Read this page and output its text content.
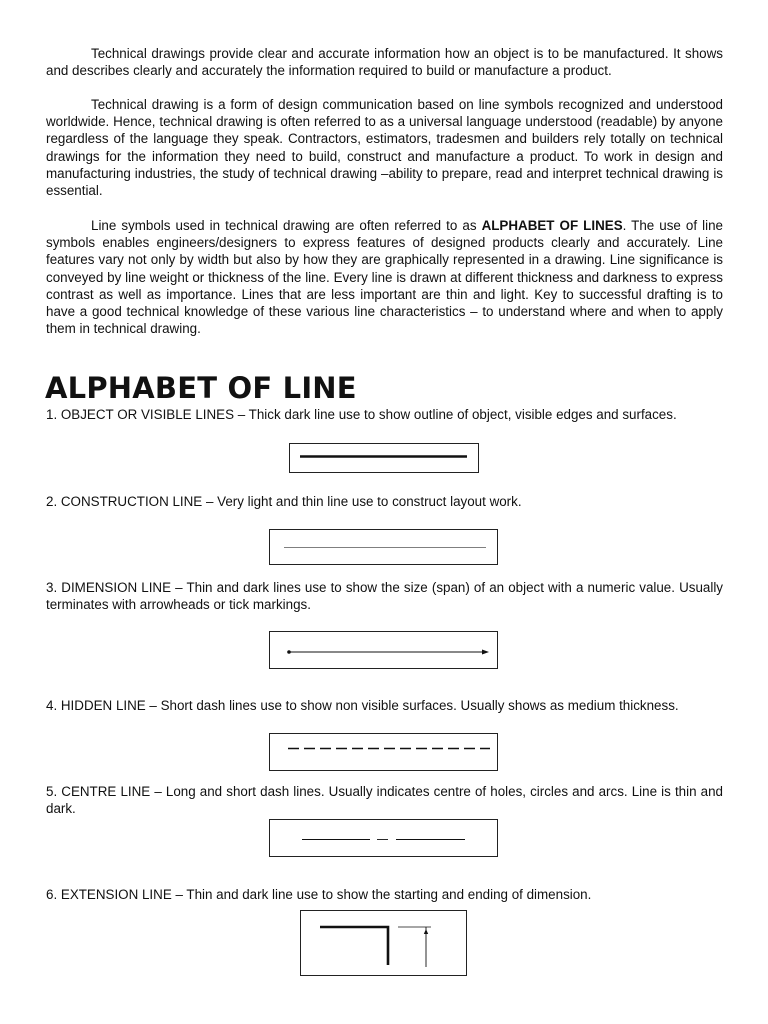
Technical drawings provide clear and accurate information how an object is to be manufactured. It shows and describes clearly and accurately the information required to build or manufacture a product.

Technical drawing is a form of design communication based on line symbols recognized and understood worldwide. Hence, technical drawing is often referred to as a universal language understood (readable) by anyone regardless of the language they speak. Contractors, estimators, tradesmen and builders rely totally on technical drawings for the information they need to build, construct and manufacture a product. To work in design and manufacturing industries, the study of technical drawing –ability to prepare, read and interpret technical drawing is essential.

Line symbols used in technical drawing are often referred to as ALPHABET OF LINES. The use of line symbols enables engineers/designers to express features of designed products clearly and accurately. Line features vary not only by width but also by how they are graphically represented in a drawing. Line significance is conveyed by line weight or thickness of the line. Every line is drawn at different thickness and darkness to express contrast as well as importance. Lines that are less important are thin and light. Key to successful drafting is to have a good technical knowledge of these various line characteristics – to understand where and when to apply them in technical drawing.

ALPHABET OF LINE

1. OBJECT OR VISIBLE LINES – Thick dark line use to show outline of object, visible edges and surfaces.

2. CONSTRUCTION LINE – Very light and thin line use to construct layout work.

3. DIMENSION LINE – Thin and dark lines use to show the size (span) of an object with a numeric value. Usually terminates with arrowheads or tick markings.

4. HIDDEN LINE – Short dash lines use to show non visible surfaces. Usually shows as medium thickness.

5. CENTRE LINE – Long and short dash lines. Usually indicates centre of holes, circles and arcs. Line is thin and dark.

6. EXTENSION LINE – Thin and dark line use to show the starting and ending of dimension.
